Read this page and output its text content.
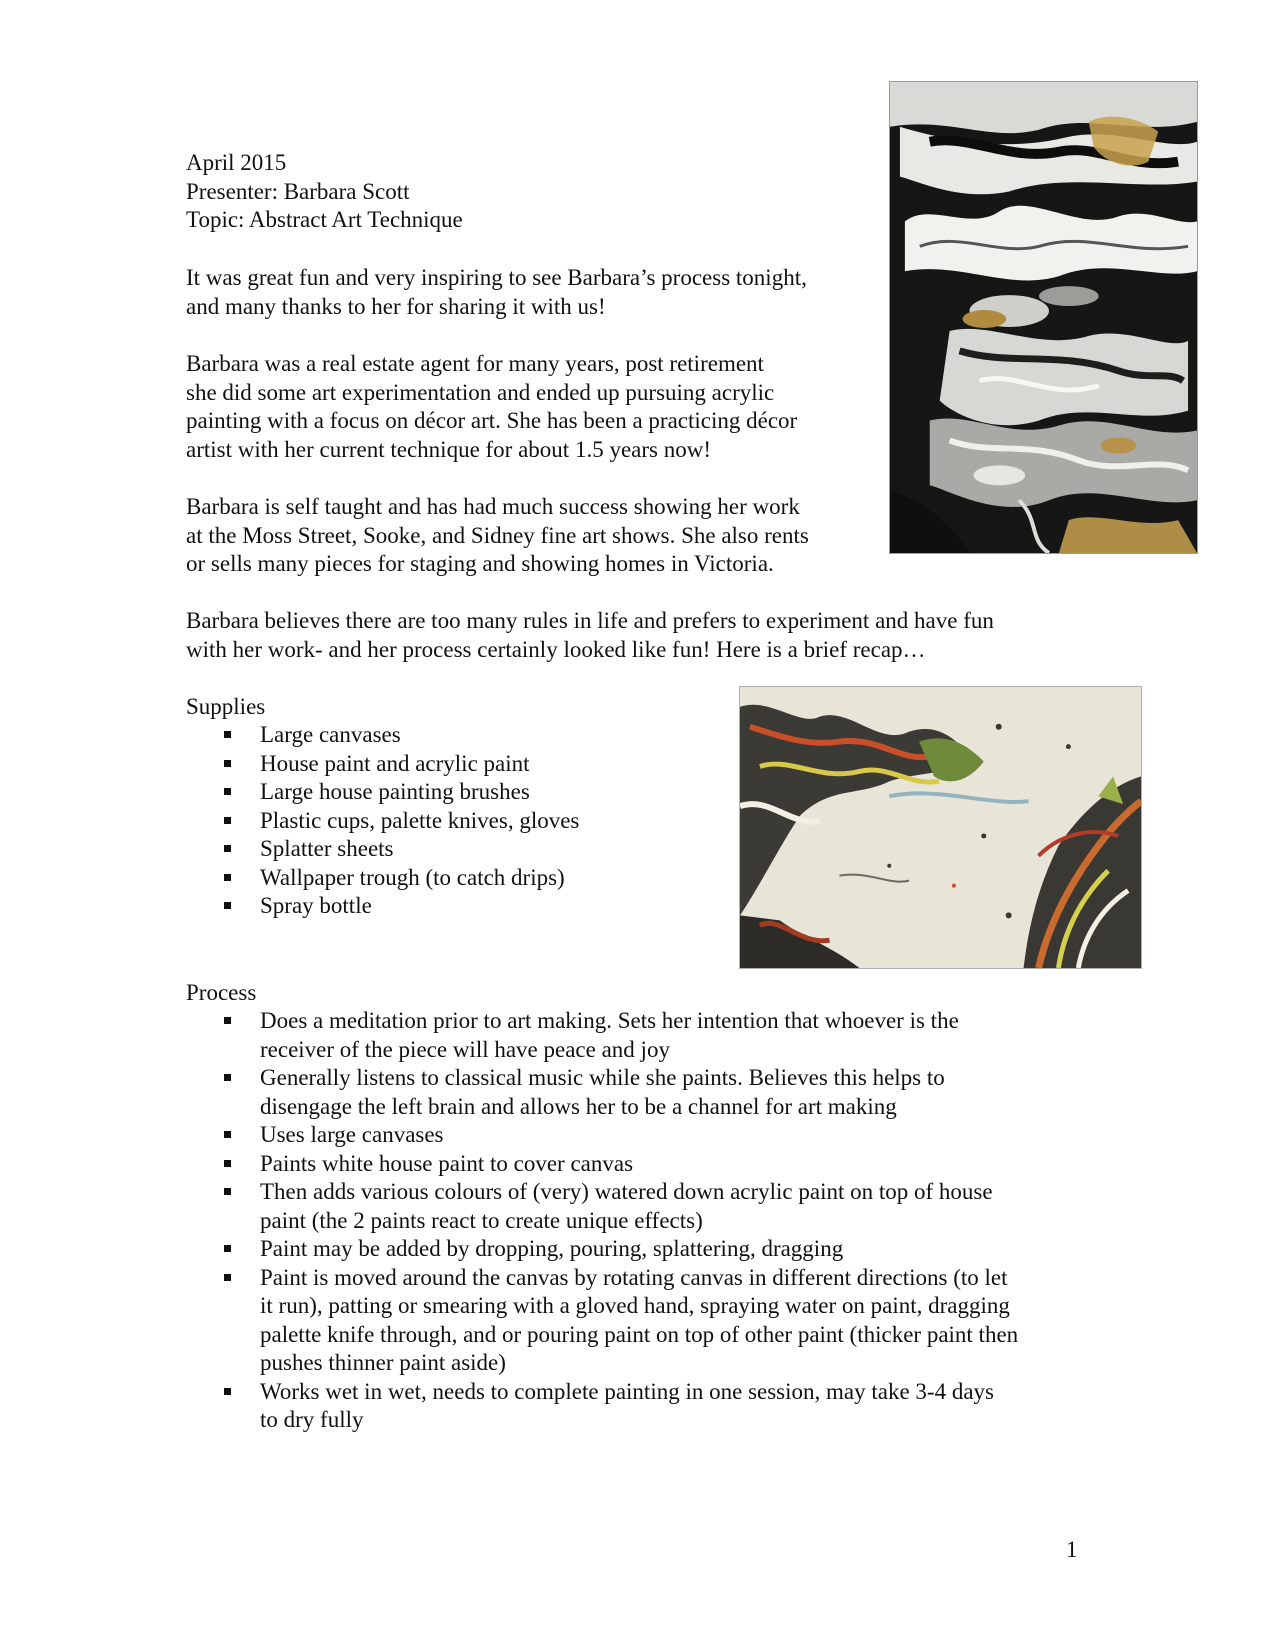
April 2015
Presenter: Barbara Scott
Topic: Abstract Art Technique
It was great fun and very inspiring to see Barbara’s process tonight,
and many thanks to her for sharing it with us!
Barbara was a real estate agent for many years, post retirement
she did some art experimentation and ended up pursuing acrylic
painting with a focus on décor art. She has been a practicing décor
artist with her current technique for about 1.5 years now!
Barbara is self taught and has had much success showing her work
at the Moss Street, Sooke, and Sidney fine art shows. She also rents
or sells many pieces for staging and showing homes in Victoria.
Barbara believes there are too many rules in life and prefers to experiment and have fun
with her work- and her process certainly looked like fun! Here is a brief recap…
Supplies
Large canvases
House paint and acrylic paint
Large house painting brushes
Plastic cups, palette knives, gloves
Splatter sheets
Wallpaper trough (to catch drips)
Spray bottle
Process
Does a meditation prior to art making. Sets her intention that whoever is the
receiver of the piece will have peace and joy
Generally listens to classical music while she paints. Believes this helps to
disengage the left brain and allows her to be a channel for art making
Uses large canvases
Paints white house paint to cover canvas
Then adds various colours of (very) watered down acrylic paint on top of house
paint (the 2 paints react to create unique effects)
Paint may be added by dropping, pouring, splattering, dragging
Paint is moved around the canvas by rotating canvas in different directions (to let
it run), patting or smearing with a gloved hand, spraying water on paint, dragging
palette knife through, and or pouring paint on top of other paint (thicker paint then
pushes thinner paint aside)
Works wet in wet, needs to complete painting in one session, may take 3-4 days
to dry fully
1
